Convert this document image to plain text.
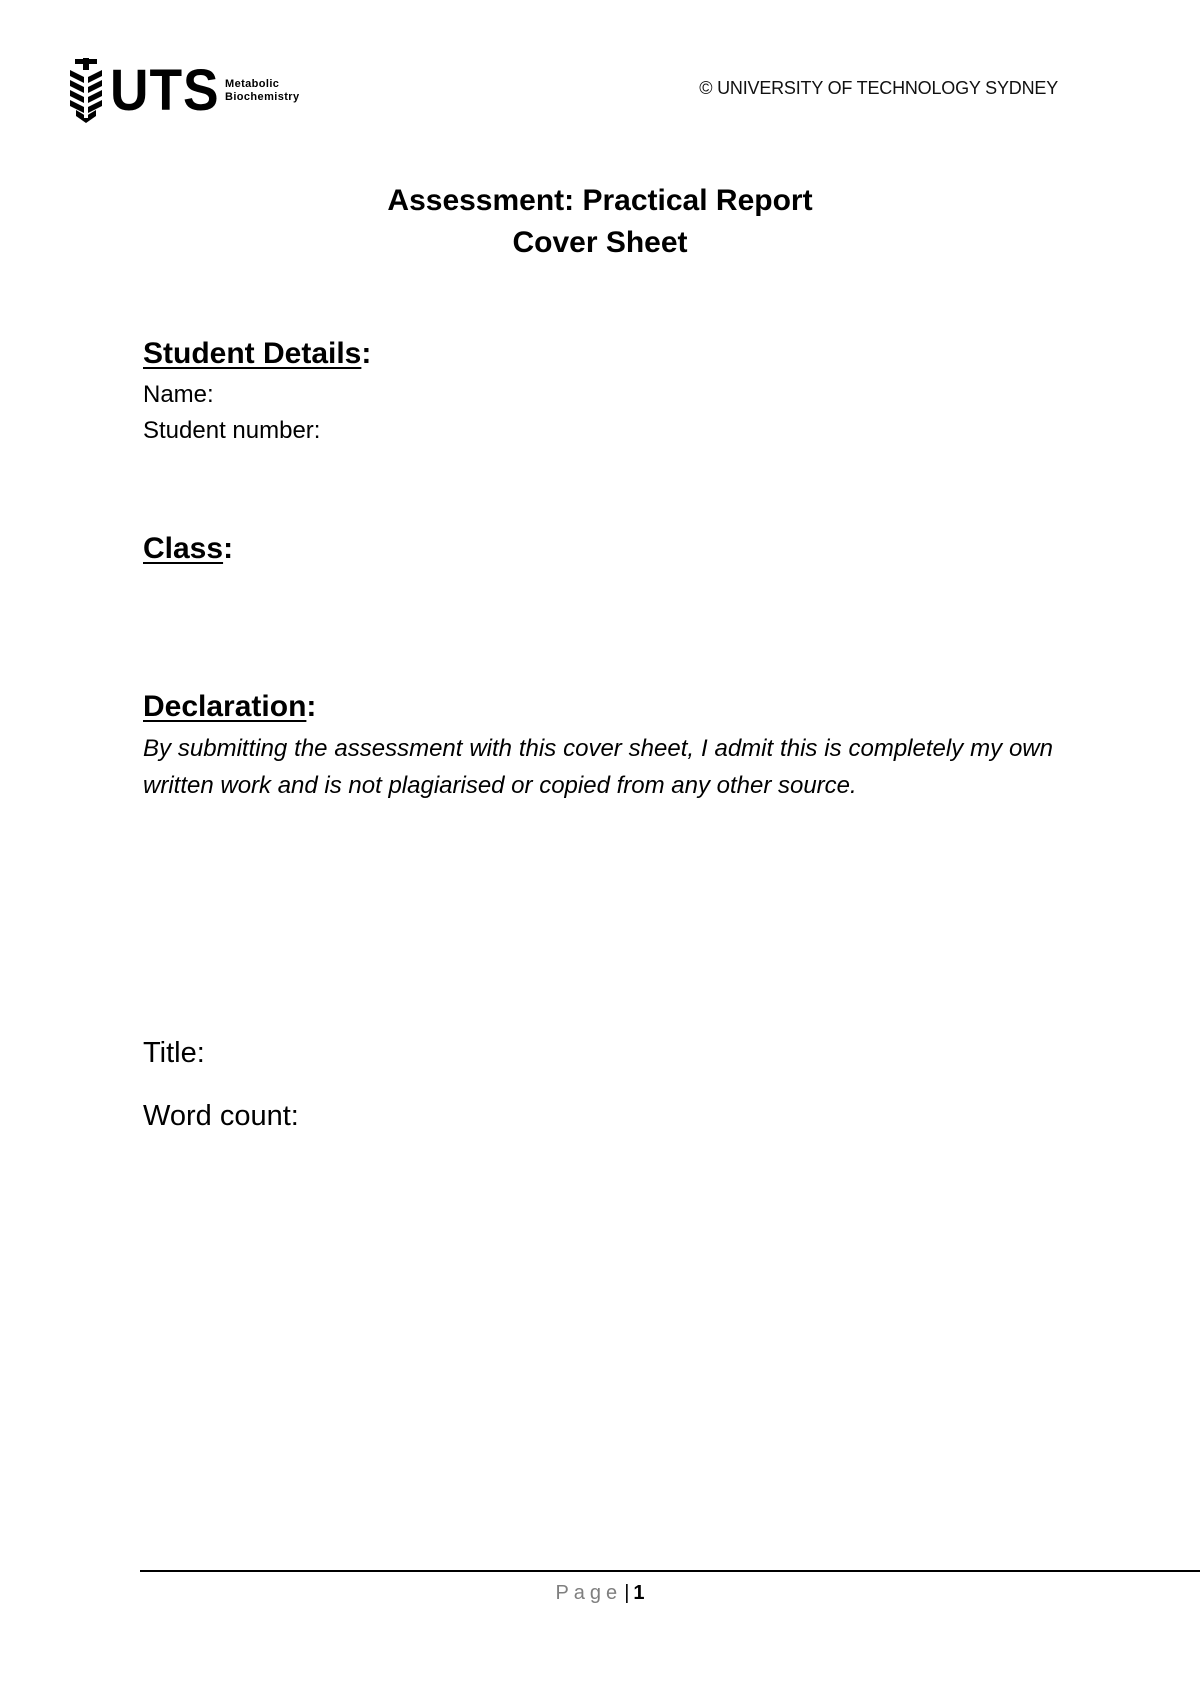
UTS Metabolic
Biochemistry	© UNIVERSITY OF TECHNOLOGY SYDNEY
Assessment: Practical Report
Cover Sheet
Student Details:
Name:
Student number:
Class:
Declaration:
By submitting the assessment with this cover sheet, I admit this is completely my own written work and is not plagiarised or copied from any other source.
Title:
Word count:
Page | 1
